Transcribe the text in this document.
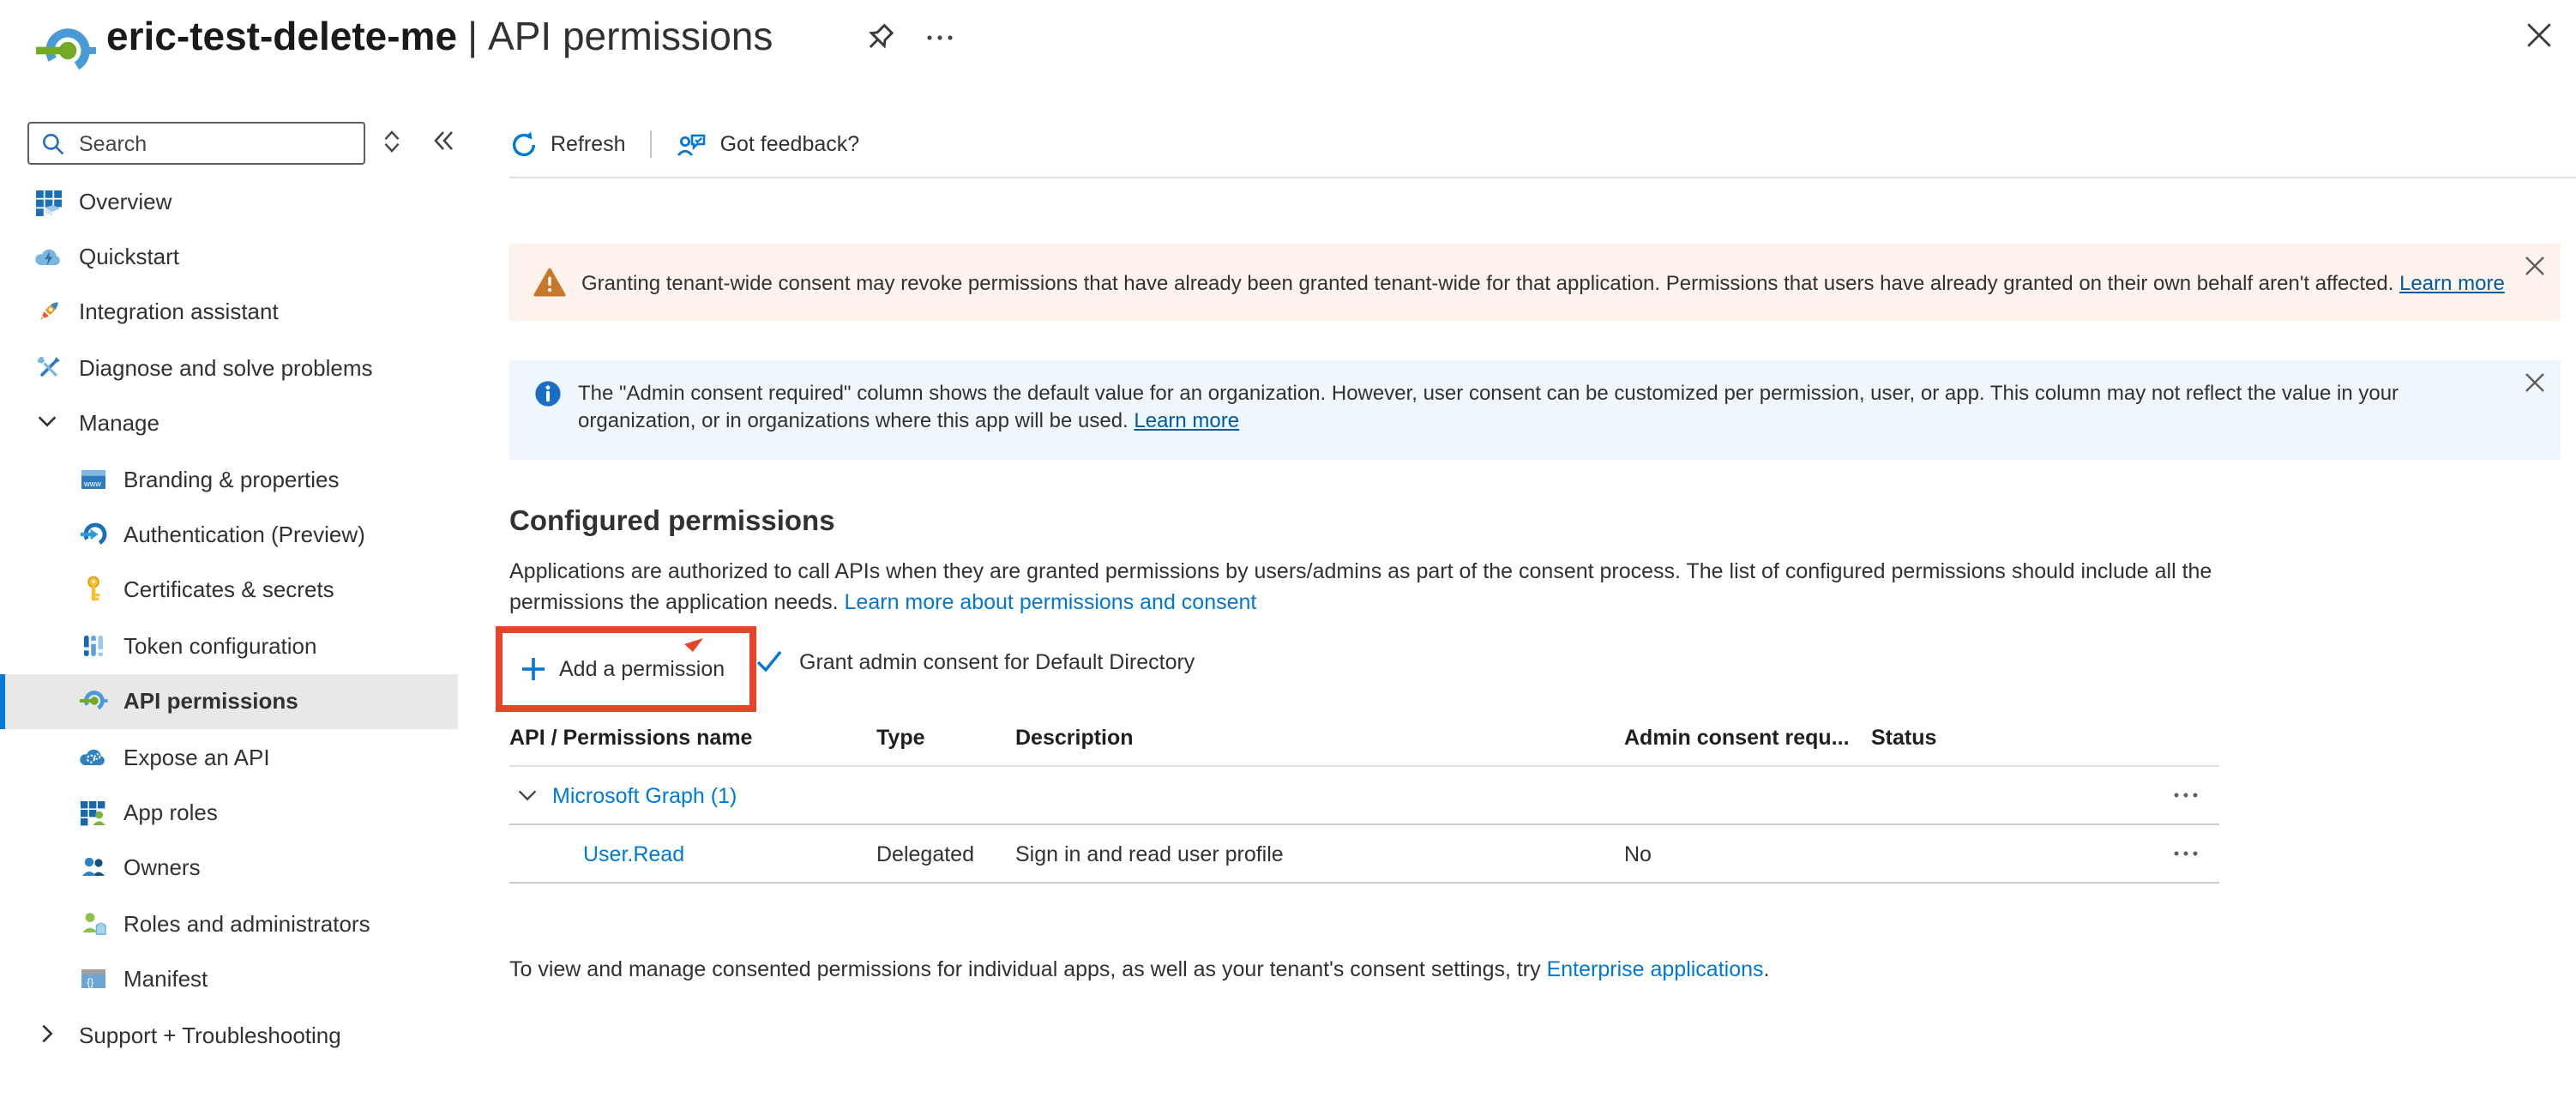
eric-test-delete-me | API permissions
Search
Overview
Quickstart
Integration assistant
Diagnose and solve problems
Manage
www Branding & properties
Authentication (Preview)
Certificates & secrets
Token configuration
API permissions
Expose an API
App roles
Owners
Roles and administrators
{}	Manifest
Support + Troubleshooting
Refresh	Got feedback?
Granting tenant-wide consent may revoke permissions that have already been granted tenant-wide for that application. Permissions that users have already granted on their own behalf aren't affected. Learn more
The "Admin consent required" column shows the default value for an organization. However, user consent can be customized per permission, user, or app. This column may not reflect the value in your organization, or in organizations where this app will be used. Learn more
Configured permissions
Applications are authorized to call APIs when they are granted permissions by users/admins as part of the consent process. The list of configured permissions should include all the permissions the application needs. Learn more about permissions and consent
Add a permission	Grant admin consent for Default Directory
API / Permissions name	Type	Description	Admin consent requ...	Status
Microsoft Graph (1)
User.Read	Delegated	Sign in and read user profile	No
To view and manage consented permissions for individual apps, as well as your tenant's consent settings, try Enterprise applications.
